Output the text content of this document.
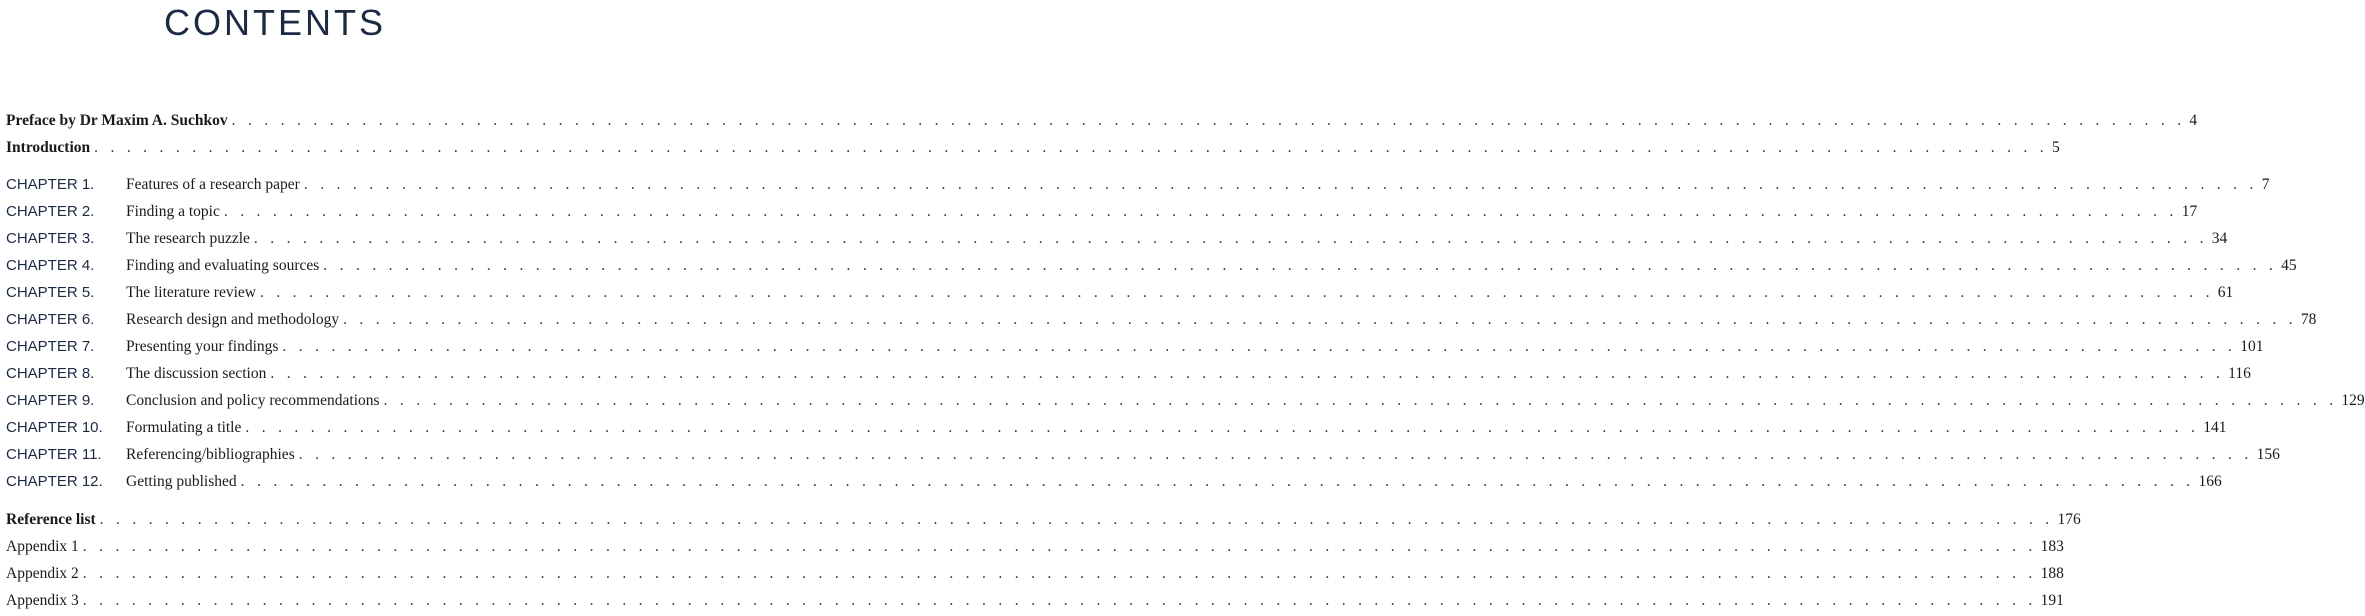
CONTENTS
Preface by Dr Maxim A. Suchkov . . . . . . . . . . . . . . . . . . . . . . . . . . . . . . . . . . . . . . . . . . . . . . . . . . . . . . . . . . . . . . . . . . . . . . . . . . . . . . . . . . . . . . . . . . . . . . . . . . . . . . . . . . . . . . . . . . . . . . . . 4
Introduction . . . . . . . . . . . . . . . . . . . . . . . . . . . . . . . . . . . . . . . . . . . . . . . . . . . . . . . . . . . . . . . . . . . . . . . . . . . . . . . . . . . . . . . . . . . . . . . . . . . . . . . . . . . . . . . . . . . . . . . . 5
CHAPTER 1.	Features of a research paper . . . . . . . . . . . . . . . . . . . . . . . . . . . . . . . . . . . . . . . . . . . . . . . . . . . . . . . . . . . . . . . . . . . . . . . . . . . . . . . . . . . . . . . . . . . . . . . . . . . . . . . . . . . . . . . . . . . . . . . . 7
CHAPTER 2.	Finding a topic . . . . . . . . . . . . . . . . . . . . . . . . . . . . . . . . . . . . . . . . . . . . . . . . . . . . . . . . . . . . . . . . . . . . . . . . . . . . . . . . . . . . . . . . . . . . . . . . . . . . . . . . . . . . . . . . . . . . . . . . 17
CHAPTER 3.	The research puzzle . . . . . . . . . . . . . . . . . . . . . . . . . . . . . . . . . . . . . . . . . . . . . . . . . . . . . . . . . . . . . . . . . . . . . . . . . . . . . . . . . . . . . . . . . . . . . . . . . . . . . . . . . . . . . . . . . . . . . . . . 34
CHAPTER 4.	Finding and evaluating sources . . . . . . . . . . . . . . . . . . . . . . . . . . . . . . . . . . . . . . . . . . . . . . . . . . . . . . . . . . . . . . . . . . . . . . . . . . . . . . . . . . . . . . . . . . . . . . . . . . . . . . . . . . . . . . . . . . . . . . . . 45
CHAPTER 5.	The literature review . . . . . . . . . . . . . . . . . . . . . . . . . . . . . . . . . . . . . . . . . . . . . . . . . . . . . . . . . . . . . . . . . . . . . . . . . . . . . . . . . . . . . . . . . . . . . . . . . . . . . . . . . . . . . . . . . . . . . . . . 61
CHAPTER 6.	Research design and methodology . . . . . . . . . . . . . . . . . . . . . . . . . . . . . . . . . . . . . . . . . . . . . . . . . . . . . . . . . . . . . . . . . . . . . . . . . . . . . . . . . . . . . . . . . . . . . . . . . . . . . . . . . . . . . . . . . . . . . . . . 78
CHAPTER 7.	Presenting your findings . . . . . . . . . . . . . . . . . . . . . . . . . . . . . . . . . . . . . . . . . . . . . . . . . . . . . . . . . . . . . . . . . . . . . . . . . . . . . . . . . . . . . . . . . . . . . . . . . . . . . . . . . . . . . . . . . . . . . . . . 101
CHAPTER 8.	The discussion section . . . . . . . . . . . . . . . . . . . . . . . . . . . . . . . . . . . . . . . . . . . . . . . . . . . . . . . . . . . . . . . . . . . . . . . . . . . . . . . . . . . . . . . . . . . . . . . . . . . . . . . . . . . . . . . . . . . . . . . . 116
CHAPTER 9.	Conclusion and policy recommendations . . . . . . . . . . . . . . . . . . . . . . . . . . . . . . . . . . . . . . . . . . . . . . . . . . . . . . . . . . . . . . . . . . . . . . . . . . . . . . . . . . . . . . . . . . . . . . . . . . . . . . . . . . . . . . . . . . . . . . . . 129
CHAPTER 10.	Formulating a title . . . . . . . . . . . . . . . . . . . . . . . . . . . . . . . . . . . . . . . . . . . . . . . . . . . . . . . . . . . . . . . . . . . . . . . . . . . . . . . . . . . . . . . . . . . . . . . . . . . . . . . . . . . . . . . . . . . . . . . . 141
CHAPTER 11.	Referencing/bibliographies . . . . . . . . . . . . . . . . . . . . . . . . . . . . . . . . . . . . . . . . . . . . . . . . . . . . . . . . . . . . . . . . . . . . . . . . . . . . . . . . . . . . . . . . . . . . . . . . . . . . . . . . . . . . . . . . . . . . . . . . 156
CHAPTER 12.	Getting published . . . . . . . . . . . . . . . . . . . . . . . . . . . . . . . . . . . . . . . . . . . . . . . . . . . . . . . . . . . . . . . . . . . . . . . . . . . . . . . . . . . . . . . . . . . . . . . . . . . . . . . . . . . . . . . . . . . . . . . . 166
Reference list . . . . . . . . . . . . . . . . . . . . . . . . . . . . . . . . . . . . . . . . . . . . . . . . . . . . . . . . . . . . . . . . . . . . . . . . . . . . . . . . . . . . . . . . . . . . . . . . . . . . . . . . . . . . . . . . . . . . . . . . 176
Appendix 1 . . . . . . . . . . . . . . . . . . . . . . . . . . . . . . . . . . . . . . . . . . . . . . . . . . . . . . . . . . . . . . . . . . . . . . . . . . . . . . . . . . . . . . . . . . . . . . . . . . . . . . . . . . . . . . . . . . . . . . . . 183
Appendix 2 . . . . . . . . . . . . . . . . . . . . . . . . . . . . . . . . . . . . . . . . . . . . . . . . . . . . . . . . . . . . . . . . . . . . . . . . . . . . . . . . . . . . . . . . . . . . . . . . . . . . . . . . . . . . . . . . . . . . . . . . 188
Appendix 3 . . . . . . . . . . . . . . . . . . . . . . . . . . . . . . . . . . . . . . . . . . . . . . . . . . . . . . . . . . . . . . . . . . . . . . . . . . . . . . . . . . . . . . . . . . . . . . . . . . . . . . . . . . . . . . . . . . . . . . . . 191
